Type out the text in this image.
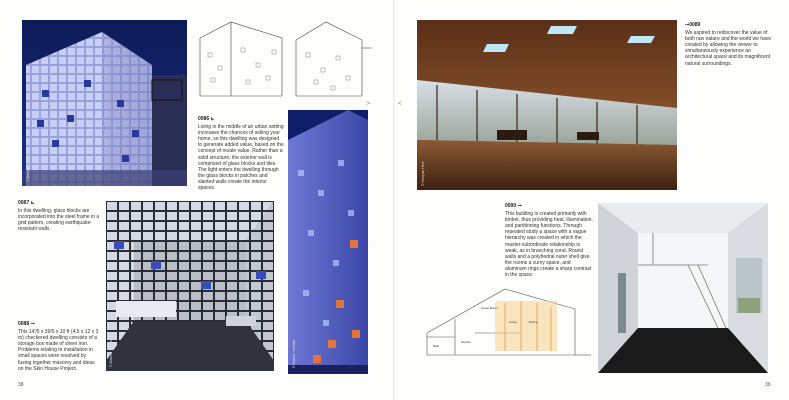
© Makoto Yoshida
0086 ⊾
Living in the middle of an urban setting increases the chances of selling your home, so this dwelling was designed to generate added value, based on the concept of resale value. Rather than a solid structure, the exterior wall is comprised of glass blocks and tiles. The light enters the dwelling through the glass blocks in patches and slanted walls create the interior spaces.
© Makoto Yoshida
0087 ⊾
In this dwelling, glass blocks are incorporated into the steel frame in a grid pattern, creating earthquake-resistant walls.
© Makoto Yoshida
0088 ⊸
This 14'/5 x 39/5 x 10 ft (4.5 x 12 x 3 m) checkered dwelling consists of a storage box made of sheet iron. Problems relating to installation in small spaces were resolved by fusing together masonry and ideas on the Skin House Project.
≻
38
© Hiroyuki Hirai
⊸0089
We aspired to rediscover the value of both raw nature and the world we have created by allowing the viewer to simultaneously experience an architectural space and its magnificent natural surroundings.
0090 ⊸
This building is created primarily with timber, thus providing heat, illumination, and partitioning functions. Through repeated study a space with a vague hierarchy was created in which the master-subordinate relationship is weak, as in branching coral. Round walls and a polyhedral outer shell give the rooms a curvy space, and aluminum rings create a sharp contrast in the space.
Guest Room
Living	Dining
Kitchen
Bath
≺
39
